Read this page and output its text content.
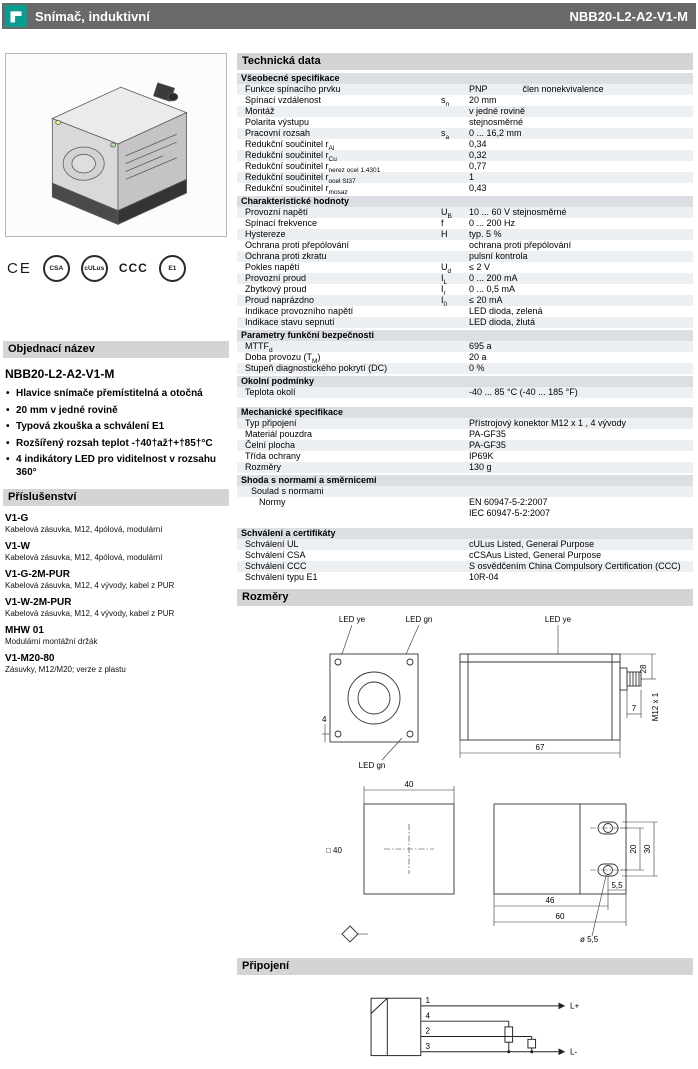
Snímač, induktivní	NBB20-L2-A2-V1-M
CE	CSA	cULus CCC	E1
Objednací název
NBB20-L2-A2-V1-M
• Hlavice snímače přemístitelná a otočná
• 20 mm v jedné rovině
• Typová zkouška a schválení E1
• Rozšířený rozsah teplot -†40†až†+†85†°C
• 4 indikátory LED pro viditelnost v rozsahu 360°
Příslušenství
V1-G
Kabelová zásuvka, M12, 4pólová, modulární
V1-W
Kabelová zásuvka, M12, 4pólová, modulární
V1-G-2M-PUR
Kabelová zásuvka, M12, 4 vývody, kabel z PUR
V1-W-2M-PUR
Kabelová zásuvka, M12, 4 vývody, kabel z PUR
MHW 01
Modulární montážní držák
V1-M20-80
Zásuvky, M12/M20; verze z plastu
Technická data
Všeobecné specifikace
Funkce spínacího prvku	PNP	člen nonekvivalence
Spínací vzdálenost	$s_n$	20 mm
Montáž	v jedné rovině
Polarita výstupu	stejnosměrné
Pracovní rozsah	$s_a$	0 ... 16,2 mm
Redukční součinitel $r_{Al}$	0,34
Redukční součinitel $r_{Cu}$	0,32
Redukční součinitel $r_{nerez ocel 1.4301}$	0,77
Redukční součinitel $r_{ocel St37}$	1
Redukční součinitel $r_{mosaz}$	0,43
Charakteristické hodnoty
Provozní napětí	$U_B$	10 ... 60 V stejnosměrné
Spínací frekvence	f	0 ... 200 Hz
Hystereze	H	typ. 5 %
Ochrana proti přepólování	ochrana proti přepólování
Ochrana proti zkratu	pulsní kontrola
Pokles napětí	$U_d$	≤ 2 V
Provozní proud	$I_L$	0 ... 200 mA
Zbytkový proud	$I_r$	0 ... 0,5 mA
Proud naprázdno	$I_0$	≤ 20 mA
Indikace provozního napětí	LED dioda, zelená
Indikace stavu sepnutí	LED dioda, žlutá
Parametry funkční bezpečnosti
$MTTF_d$	695 a
Doba provozu $(T_M)$	20 a
Stupeň diagnostického pokrytí (DC)	0 %
Okolní podmínky
Teplota okolí	-40 ... 85 °C (-40 ... 185 °F)
Mechanické specifikace
Typ připojení	Přístrojový konektor M12 x 1 , 4 vývody
Materiál pouzdra	PA-GF35
Čelní plocha	PA-GF35
Třída ochrany	IP69K
Rozměry	130 g
Shoda s normami a směrnicemi
Soulad s normami
Normy	EN 60947-5-2:2007
IEC 60947-5-2:2007
Schválení a certifikáty
Schválení UL	cULus Listed, General Purpose
Schválení CSA	cCSAus Listed, General Purpose
Schválení CCC	S osvědčením China Compulsory Certification (CCC)
Schválení typu E1	10R-04
Rozměry
LED ye	LED gn	LED ye
4
LED gn
67
28
M12 x 1
7
40
□ 40	20 30
46
60
5,5
ø 5,5
Připojení
1
4
2
3
L+
L-
